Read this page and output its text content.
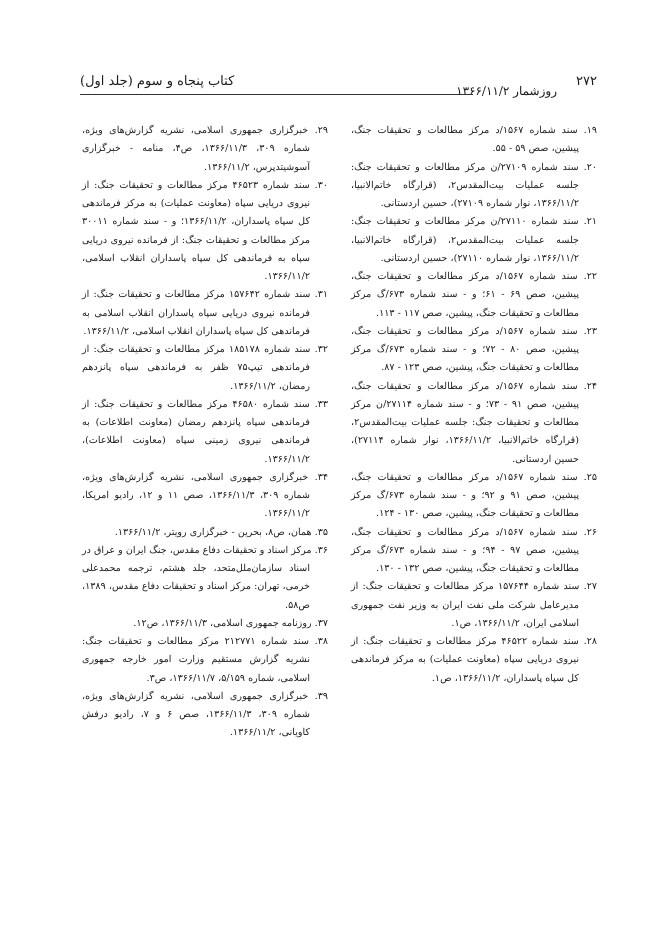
۲۷۲
روزشمار ۱۳۶۶/۱۱/۲
کتاب پنجاه و سوم (جلد اول)

۱۹. سند شماره ۱۵۶۷/د مرکز مطالعات و تحقیقات جنگ، پیشین، صص ۵۹ - ۵۵.

۲۰. سند شماره ۲۷۱۰۹/ن مرکز مطالعات و تحقیقات جنگ: جلسه عملیات بیت‌المقدس۲، (قرارگاه خاتم‌الانبیا، ۱۳۶۶/۱۱/۲، نوار شماره ۲۷۱۰۹)، حسین اردستانی.

۲۱. سند شماره ۲۷۱۱۰/ن مرکز مطالعات و تحقیقات جنگ: جلسه عملیات بیت‌المقدس۲، (قرارگاه خاتم‌الانبیا، ۱۳۶۶/۱۱/۲، نوار شماره ۲۷۱۱۰)، حسین اردستانی.

۲۲. سند شماره ۱۵۶۷/د مرکز مطالعات و تحقیقات جنگ، پیشین، صص ۶۹ - ۶۱؛ و - سند شماره ۶۷۳/گ مرکز مطالعات و تحقیقات جنگ، پیشین، صص ۱۱۷ - ۱۱۳.

۲۳. سند شماره ۱۵۶۷/د مرکز مطالعات و تحقیقات جنگ، پیشین، صص ۸۰ - ۷۲؛ و - سند شماره ۶۷۳/گ مرکز مطالعات و تحقیقات جنگ، پیشین، صص ۱۲۳ - ۸۷.

۲۴. سند شماره ۱۵۶۷/د مرکز مطالعات و تحقیقات جنگ، پیشین، صص ۹۱ - ۷۳؛ و - سند شماره ۲۷۱۱۴/ن مرکز مطالعات و تحقیقات جنگ: جلسه عملیات بیت‌المقدس۲، (قرارگاه خاتم‌الانبیا، ۱۳۶۶/۱۱/۲، نوار شماره ۲۷۱۱۴)، حسین اردستانی.

۲۵. سند شماره ۱۵۶۷/د مرکز مطالعات و تحقیقات جنگ، پیشین، صص ۹۱ و ۹۲؛ و - سند شماره ۶۷۳/گ مرکز مطالعات و تحقیقات جنگ، پیشین، صص ۱۳۰ - ۱۲۴.

۲۶. سند شماره ۱۵۶۷/د مرکز مطالعات و تحقیقات جنگ، پیشین، صص ۹۷ - ۹۴؛ و - سند شماره ۶۷۳/گ مرکز مطالعات و تحقیقات جنگ، پیشین، صص ۱۳۲ - ۱۳۰.

۲۷. سند شماره ۱۵۷۶۴۴ مرکز مطالعات و تحقیقات جنگ: از مدیرعامل شرکت ملی نفت ایران به وزیر نفت جمهوری اسلامی ایران، ۱۳۶۶/۱۱/۲، ص۱.

۲۸. سند شماره ۴۶۵۲۲ مرکز مطالعات و تحقیقات جنگ: از نیروی دریایی سپاه (معاونت عملیات) به مرکز فرماندهی کل سپاه پاسداران، ۱۳۶۶/۱۱/۲، ص۱.

۲۹. خبرگزاری جمهوری اسلامی، نشریه گزارش‌های ویژه، شماره ۳۰۹، ۱۳۶۶/۱۱/۳، ص۴، منامه - خبرگزاری آسوشیتدپرس، ۱۳۶۶/۱۱/۲.

۳۰. سند شماره ۴۶۵۲۳ مرکز مطالعات و تحقیقات جنگ: از نیروی دریایی سپاه (معاونت عملیات) به مرکز فرماندهی کل سپاه پاسداران، ۱۳۶۶/۱۱/۲؛ و - سند شماره ۳۰۰۱۱ مرکز مطالعات و تحقیقات جنگ: از فرمانده نیروی دریایی سپاه به فرماندهی کل سپاه پاسداران انقلاب اسلامی، ۱۳۶۶/۱۱/۲.

۳۱. سند شماره ۱۵۷۶۴۲ مرکز مطالعات و تحقیقات جنگ: از فرمانده نیروی دریایی سپاه پاسداران انقلاب اسلامی به فرماندهی کل سپاه پاسداران انقلاب اسلامی، ۱۳۶۶/۱۱/۲.

۳۲. سند شماره ۱۸۵۱۷۸ مرکز مطالعات و تحقیقات جنگ: از فرماندهی تیپ۷۵ ظفر به فرماندهی سپاه پانزدهم رمضان، ۱۳۶۶/۱۱/۲.

۳۳. سند شماره ۴۶۵۸۰ مرکز مطالعات و تحقیقات جنگ: از فرماندهی سپاه پانزدهم رمضان (معاونت اطلاعات) به فرماندهی نیروی زمینی سپاه (معاونت اطلاعات)، ۱۳۶۶/۱۱/۲.

۳۴. خبرگزاری جمهوری اسلامی، نشریه گزارش‌های ویژه، شماره ۳۰۹، ۱۳۶۶/۱۱/۳، صص ۱۱ و ۱۲، رادیو امریکا، ۱۳۶۶/۱۱/۲.

۳۵. همان، ص۸، بحرین - خبرگزاری رویتر، ۱۳۶۶/۱۱/۲.

۳۶. مرکز اسناد و تحقیقات دفاع مقدس، جنگ ایران و عراق در اسناد سازمان‌ملل‌متحد، جلد هشتم، ترجمه محمدعلی خرمی، تهران: مرکز اسناد و تحقیقات دفاع مقدس، ۱۳۸۹، ص۵۸.

۳۷. روزنامه جمهوری اسلامی، ۱۳۶۶/۱۱/۳، ص۱۲.

۳۸. سند شماره ۲۱۲۷۷۱ مرکز مطالعات و تحقیقات جنگ: نشریه گزارش مستقیم وزارت امور خارجه جمهوری اسلامی، شماره ۵/۱۵۹، ۱۳۶۶/۱۱/۷، ص۳.

۳۹. خبرگزاری جمهوری اسلامی، نشریه گزارش‌های ویژه، شماره ۳۰۹، ۱۳۶۶/۱۱/۳، صص ۶ و ۷، رادیو درفش کاویانی، ۱۳۶۶/۱۱/۲.
